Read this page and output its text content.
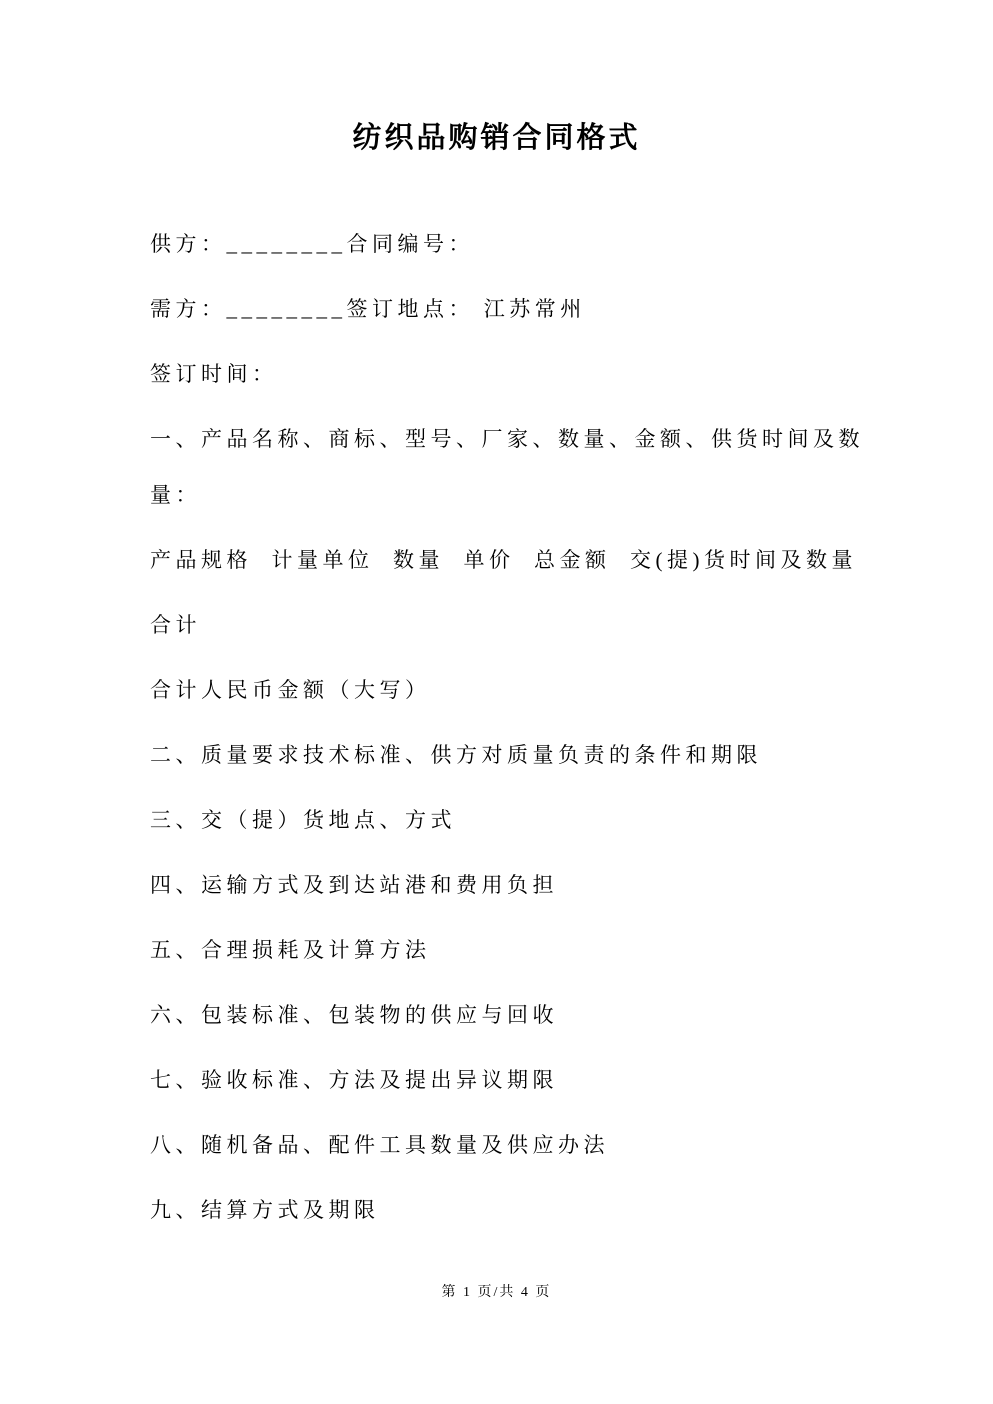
纺织品购销合同格式

供方：________合同编号：

需方：________签订地点： 江苏常州

签订时间：

一、产品名称、商标、型号、厂家、数量、金额、供货时间及数
量：

产品规格  计量单位  数量  单价  总金额  交(提)货时间及数量

合计

合计人民币金额（大写）

二、质量要求技术标准、供方对质量负责的条件和期限

三、交（提）货地点、方式

四、运输方式及到达站港和费用负担

五、合理损耗及计算方法

六、包装标准、包装物的供应与回收

七、验收标准、方法及提出异议期限

八、随机备品、配件工具数量及供应办法

九、结算方式及期限

第 1 页/共 4 页
